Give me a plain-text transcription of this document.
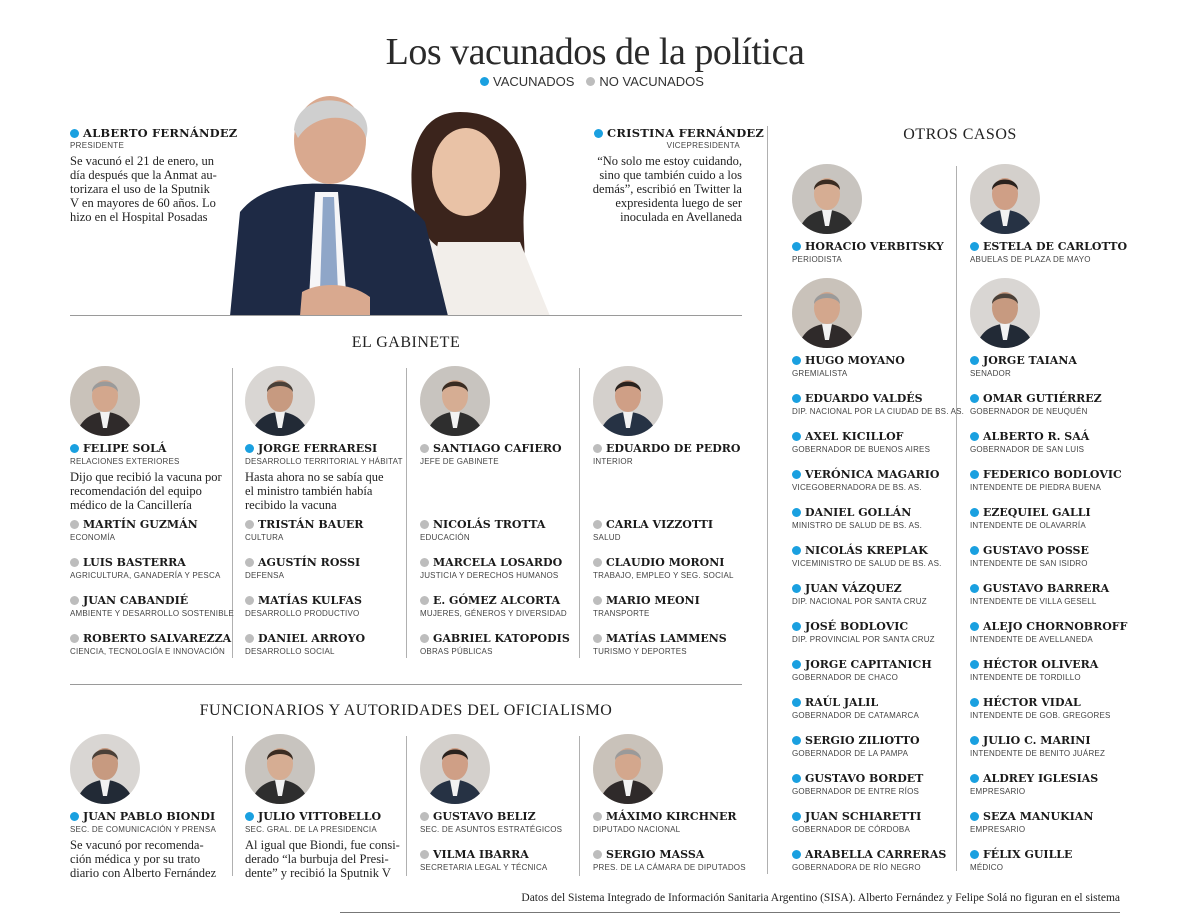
Los vacunados de la política
VACUNADOS NO VACUNADOS
ALBERTO FERNÁNDEZ
PRESIDENTE
Se vacunó el 21 de enero, un
día después que la Anmat au-
torizara el uso de la Sputnik
V en mayores de 60 años. Lo
hizo en el Hospital Posadas
CRISTINA FERNÁNDEZ
VICEPRESIDENTA
“No solo me estoy cuidando,
sino que también cuido a los
demás”, escribió en Twitter la
expresidenta luego de ser
inoculada en Avellaneda
EL GABINETE
FELIPE SOLÁ
RELACIONES EXTERIORES
Dijo que recibió la vacuna por
recomendación del equipo
médico de la Cancillería
JORGE FERRARESI
DESARROLLO TERRITORIAL Y HÁBITAT
Hasta ahora no se sabía que
el ministro también había
recibido la vacuna
SANTIAGO CAFIERO
JEFE DE GABINETE
EDUARDO DE PEDRO
INTERIOR
MARTÍN GUZMÁN
ECONOMÍA
TRISTÁN BAUER
CULTURA
NICOLÁS TROTTA
EDUCACIÓN
CARLA VIZZOTTI
SALUD
LUIS BASTERRA
AGRICULTURA, GANADERÍA Y PESCA
AGUSTÍN ROSSI
DEFENSA
MARCELA LOSARDO
JUSTICIA Y DERECHOS HUMANOS
CLAUDIO MORONI
TRABAJO, EMPLEO Y SEG. SOCIAL
JUAN CABANDIÉ
AMBIENTE Y DESARROLLO SOSTENIBLE
MATÍAS KULFAS
DESARROLLO PRODUCTIVO
E. GÓMEZ ALCORTA
MUJERES, GÉNEROS Y DIVERSIDAD
MARIO MEONI
TRANSPORTE
ROBERTO SALVAREZZA
CIENCIA, TECNOLOGÍA E INNOVACIÓN
DANIEL ARROYO
DESARROLLO SOCIAL
GABRIEL KATOPODIS
OBRAS PÚBLICAS
MATÍAS LAMMENS
TURISMO Y DEPORTES
FUNCIONARIOS Y AUTORIDADES DEL OFICIALISMO
JUAN PABLO BIONDI
SEC. DE COMUNICACIÓN Y PRENSA
Se vacunó por recomenda-
ción médica y por su trato
diario con Alberto Fernández
JULIO VITTOBELLO
SEC. GRAL. DE LA PRESIDENCIA
Al igual que Biondi, fue consi-
derado “la burbuja del Presi-
dente” y recibió la Sputnik V
GUSTAVO BELIZ
SEC. DE ASUNTOS ESTRATÉGICOS
MÁXIMO KIRCHNER
DIPUTADO NACIONAL
VILMA IBARRA
SECRETARIA LEGAL Y TÉCNICA
SERGIO MASSA
PRES. DE LA CÁMARA DE DIPUTADOS
OTROS CASOS
HORACIO VERBITSKY
PERIODISTA
ESTELA DE CARLOTTO
ABUELAS DE PLAZA DE MAYO
HUGO MOYANO
GREMIALISTA
JORGE TAIANA
SENADOR
EDUARDO VALDÉS
DIP. NACIONAL POR LA CIUDAD DE BS. AS.
AXEL KICILLOF
GOBERNADOR DE BUENOS AIRES
VERÓNICA MAGARIO
VICEGOBERNADORA DE BS. AS.
DANIEL GOLLÁN
MINISTRO DE SALUD DE BS. AS.
NICOLÁS KREPLAK
VICEMINISTRO DE SALUD DE BS. AS.
JUAN VÁZQUEZ
DIP. NACIONAL POR SANTA CRUZ
JOSÉ BODLOVIC
DIP. PROVINCIAL POR SANTA CRUZ
JORGE CAPITANICH
GOBERNADOR DE CHACO
RAÚL JALIL
GOBERNADOR DE CATAMARCA
SERGIO ZILIOTTO
GOBERNADOR DE LA PAMPA
GUSTAVO BORDET
GOBERNADOR DE ENTRE RÍOS
JUAN SCHIARETTI
GOBERNADOR DE CÓRDOBA
ARABELLA CARRERAS
GOBERNADORA DE RÍO NEGRO
OMAR GUTIÉRREZ
GOBERNADOR DE NEUQUÉN
ALBERTO R. SAÁ
GOBERNADOR DE SAN LUIS
FEDERICO BODLOVIC
INTENDENTE DE PIEDRA BUENA
EZEQUIEL GALLI
INTENDENTE DE OLAVARRÍA
GUSTAVO POSSE
INTENDENTE DE SAN ISIDRO
GUSTAVO BARRERA
INTENDENTE DE VILLA GESELL
ALEJO CHORNOBROFF
INTENDENTE DE AVELLANEDA
HÉCTOR OLIVERA
INTENDENTE DE TORDILLO
HÉCTOR VIDAL
INTENDENTE DE GOB. GREGORES
JULIO C. MARINI
INTENDENTE DE BENITO JUÁREZ
ALDREY IGLESIAS
EMPRESARIO
SEZA MANUKIAN
EMPRESARIO
FÉLIX GUILLE
MÉDICO
Datos del Sistema Integrado de Información Sanitaria Argentino (SISA). Alberto Fernández y Felipe Solá no figuran en el sistema
